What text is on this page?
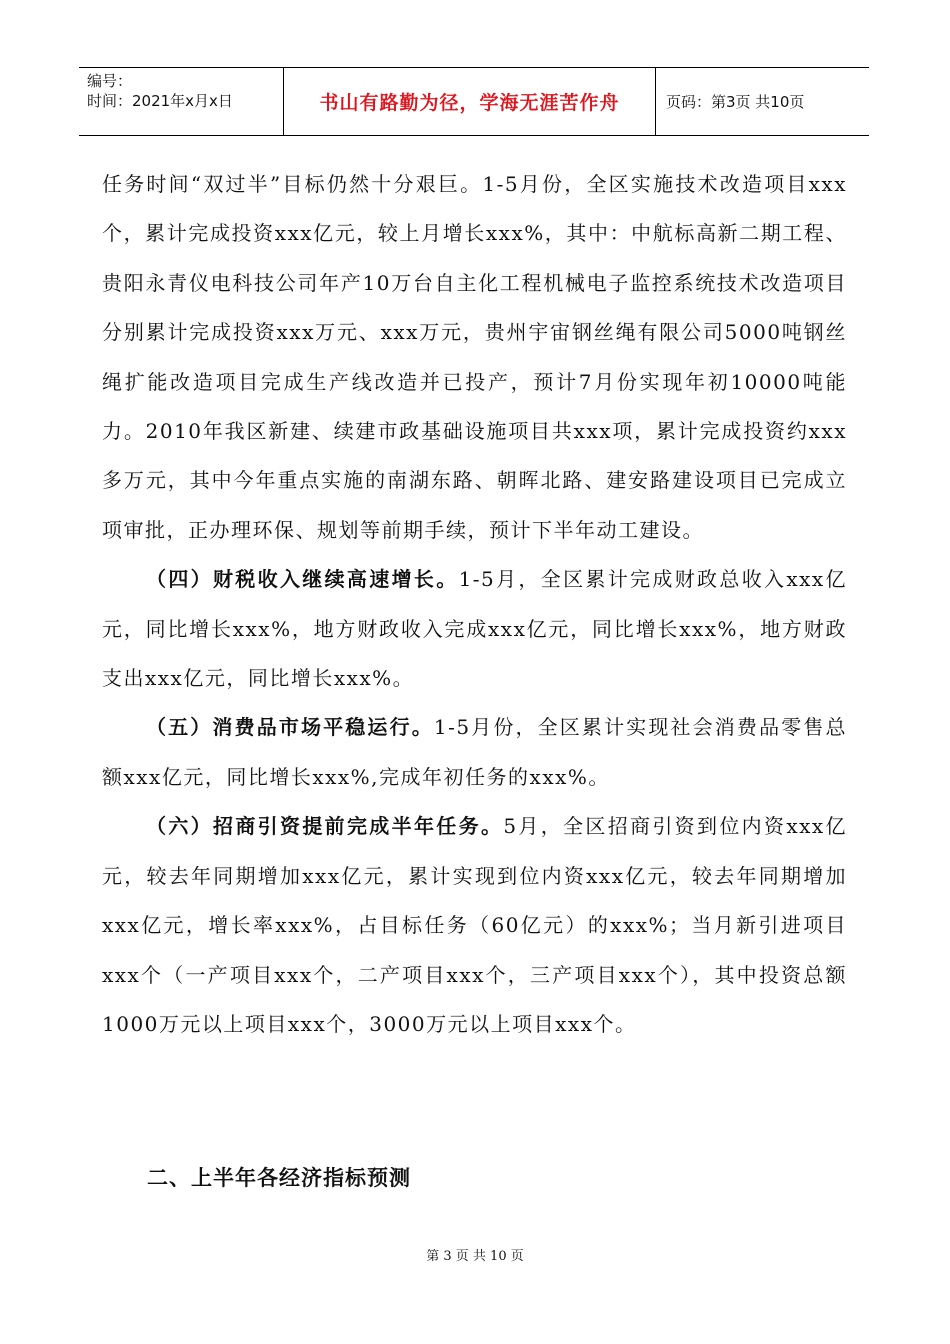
编号：
时间：2021年x月x日	书山有路勤为径，学海无涯苦作舟	页码：第3页 共10页

任务时间“双过半”目标仍然十分艰巨。1-5月份，全区实施技术改造项目xxx个，累计完成投资xxx亿元，较上月增长xxx%，其中：中航标高新二期工程、贵阳永青仪电科技公司年产10万台自主化工程机械电子监控系统技术改造项目分别累计完成投资xxx万元、xxx万元，贵州宇宙钢丝绳有限公司5000吨钢丝绳扩能改造项目完成生产线改造并已投产，预计7月份实现年初10000吨能力。2010年我区新建、续建市政基础设施项目共xxx项，累计完成投资约xxx多万元，其中今年重点实施的南湖东路、朝晖北路、建安路建设项目已完成立项审批，正办理环保、规划等前期手续，预计下半年动工建设。

（四）财税收入继续高速增长。1-5月，全区累计完成财政总收入xxx亿元，同比增长xxx%，地方财政收入完成xxx亿元，同比增长xxx%，地方财政支出xxx亿元，同比增长xxx%。

（五）消费品市场平稳运行。1-5月份，全区累计实现社会消费品零售总额xxx亿元，同比增长xxx%,完成年初任务的xxx%。

（六）招商引资提前完成半年任务。5月，全区招商引资到位内资xxx亿元，较去年同期增加xxx亿元，累计实现到位内资xxx亿元，较去年同期增加xxx亿元，增长率xxx%，占目标任务（60亿元）的xxx%；当月新引进项目xxx个（一产项目xxx个，二产项目xxx个，三产项目xxx个），其中投资总额1000万元以上项目xxx个，3000万元以上项目xxx个。

二、上半年各经济指标预测
第 3 页 共 10 页
